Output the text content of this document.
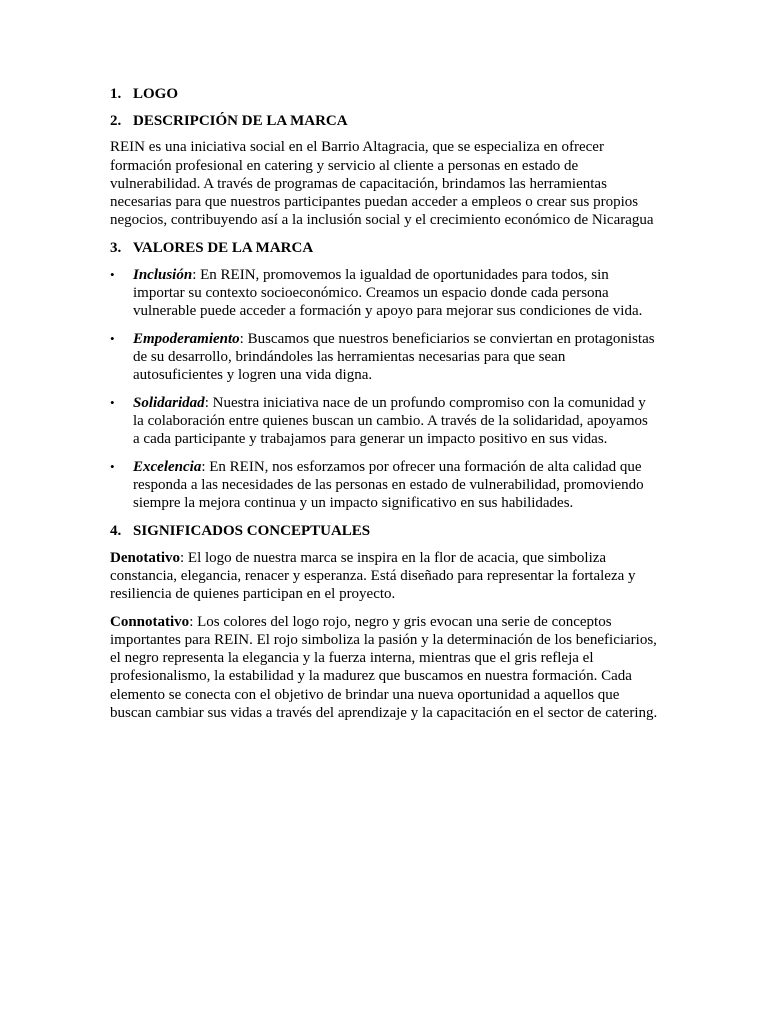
1. LOGO
2. DESCRIPCIÓN DE LA MARCA

REIN es una iniciativa social en el Barrio Altagracia, que se especializa en ofrecer formación profesional en catering y servicio al cliente a personas en estado de vulnerabilidad. A través de programas de capacitación, brindamos las herramientas necesarias para que nuestros participantes puedan acceder a empleos o crear sus propios negocios, contribuyendo así a la inclusión social y el crecimiento económico de Nicaragua

3. VALORES DE LA MARCA
•	Inclusión: En REIN, promovemos la igualdad de oportunidades para todos, sin importar su contexto socioeconómico. Creamos un espacio donde cada persona vulnerable puede acceder a formación y apoyo para mejorar sus condiciones de vida.
•	Empoderamiento: Buscamos que nuestros beneficiarios se conviertan en protagonistas de su desarrollo, brindándoles las herramientas necesarias para que sean autosuficientes y logren una vida digna.
•	Solidaridad: Nuestra iniciativa nace de un profundo compromiso con la comunidad y la colaboración entre quienes buscan un cambio. A través de la solidaridad, apoyamos a cada participante y trabajamos para generar un impacto positivo en sus vidas.
•	Excelencia: En REIN, nos esforzamos por ofrecer una formación de alta calidad que responda a las necesidades de las personas en estado de vulnerabilidad, promoviendo siempre la mejora continua y un impacto significativo en sus habilidades.
4. SIGNIFICADOS CONCEPTUALES

Denotativo: El logo de nuestra marca se inspira en la flor de acacia, que simboliza constancia, elegancia, renacer y esperanza. Está diseñado para representar la fortaleza y resiliencia de quienes participan en el proyecto.

Connotativo: Los colores del logo rojo, negro y gris evocan una serie de conceptos importantes para REIN. El rojo simboliza la pasión y la determinación de los beneficiarios, el negro representa la elegancia y la fuerza interna, mientras que el gris reflejа el profesionalismo, la estabilidad y la madurez que buscamos en nuestra formación. Cada elemento se conecta con el objetivo de brindar una nueva oportunidad a aquellos que buscan cambiar sus vidas a través del aprendizaje y la capacitación en el sector de catering.
